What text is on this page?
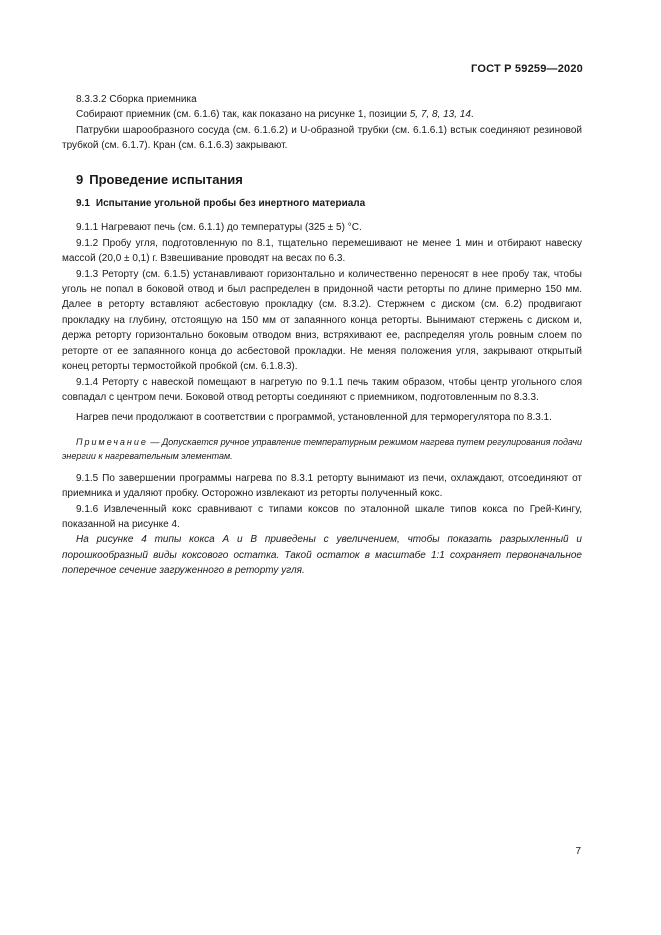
ГОСТ Р 59259—2020

8.3.3.2 Сборка приемника

Собирают приемник (см. 6.1.6) так, как показано на рисунке 1, позиции 5, 7, 8, 13, 14.

Патрубки шарообразного сосуда (см. 6.1.6.2) и U-образной трубки (см. 6.1.6.1) встык соединяют резиновой трубкой (см. 6.1.7). Кран (см. 6.1.6.3) закрывают.

9 Проведение испытания

9.1 Испытание угольной пробы без инертного материала

9.1.1 Нагревают печь (см. 6.1.1) до температуры (325 ± 5) °С.

9.1.2 Пробу угля, подготовленную по 8.1, тщательно перемешивают не менее 1 мин и отбирают навеску массой (20,0 ± 0,1) г. Взвешивание проводят на весах по 6.3.

9.1.3 Реторту (см. 6.1.5) устанавливают горизонтально и количественно переносят в нее пробу так, чтобы уголь не попал в боковой отвод и был распределен в придонной части реторты по длине примерно 150 мм. Далее в реторту вставляют асбестовую прокладку (см. 8.3.2). Стержнем с диском (см. 6.2) продвигают прокладку на глубину, отстоящую на 150 мм от запаянного конца реторты. Вынимают стержень с диском и, держа реторту горизонтально боковым отводом вниз, встряхивают ее, распределяя уголь ровным слоем по реторте от ее запаянного конца до асбестовой прокладки. Не меняя положения угля, закрывают открытый конец реторты термостойкой пробкой (см. 6.1.8.3).

9.1.4 Реторту с навеской помещают в нагретую по 9.1.1 печь таким образом, чтобы центр угольного слоя совпадал с центром печи. Боковой отвод реторты соединяют с приемником, подготовленным по 8.3.3.

Нагрев печи продолжают в соответствии с программой, установленной для терморегулятора по 8.3.1.

Примечание — Допускается ручное управление температурным режимом нагрева путем регулирования подачи энергии к нагревательным элементам.

9.1.5 По завершении программы нагрева по 8.3.1 реторту вынимают из печи, охлаждают, отсоединяют от приемника и удаляют пробку. Осторожно извлекают из реторты полученный кокс.

9.1.6 Извлеченный кокс сравнивают с типами коксов по эталонной шкале типов кокса по Грей-Кингу, показанной на рисунке 4.

На рисунке 4 типы кокса А и В приведены с увеличением, чтобы показать разрыхленный и порошкообразный виды коксового остатка. Такой остаток в масштабе 1:1 сохраняет первоначальное поперечное сечение загруженного в реторту угля.

7
